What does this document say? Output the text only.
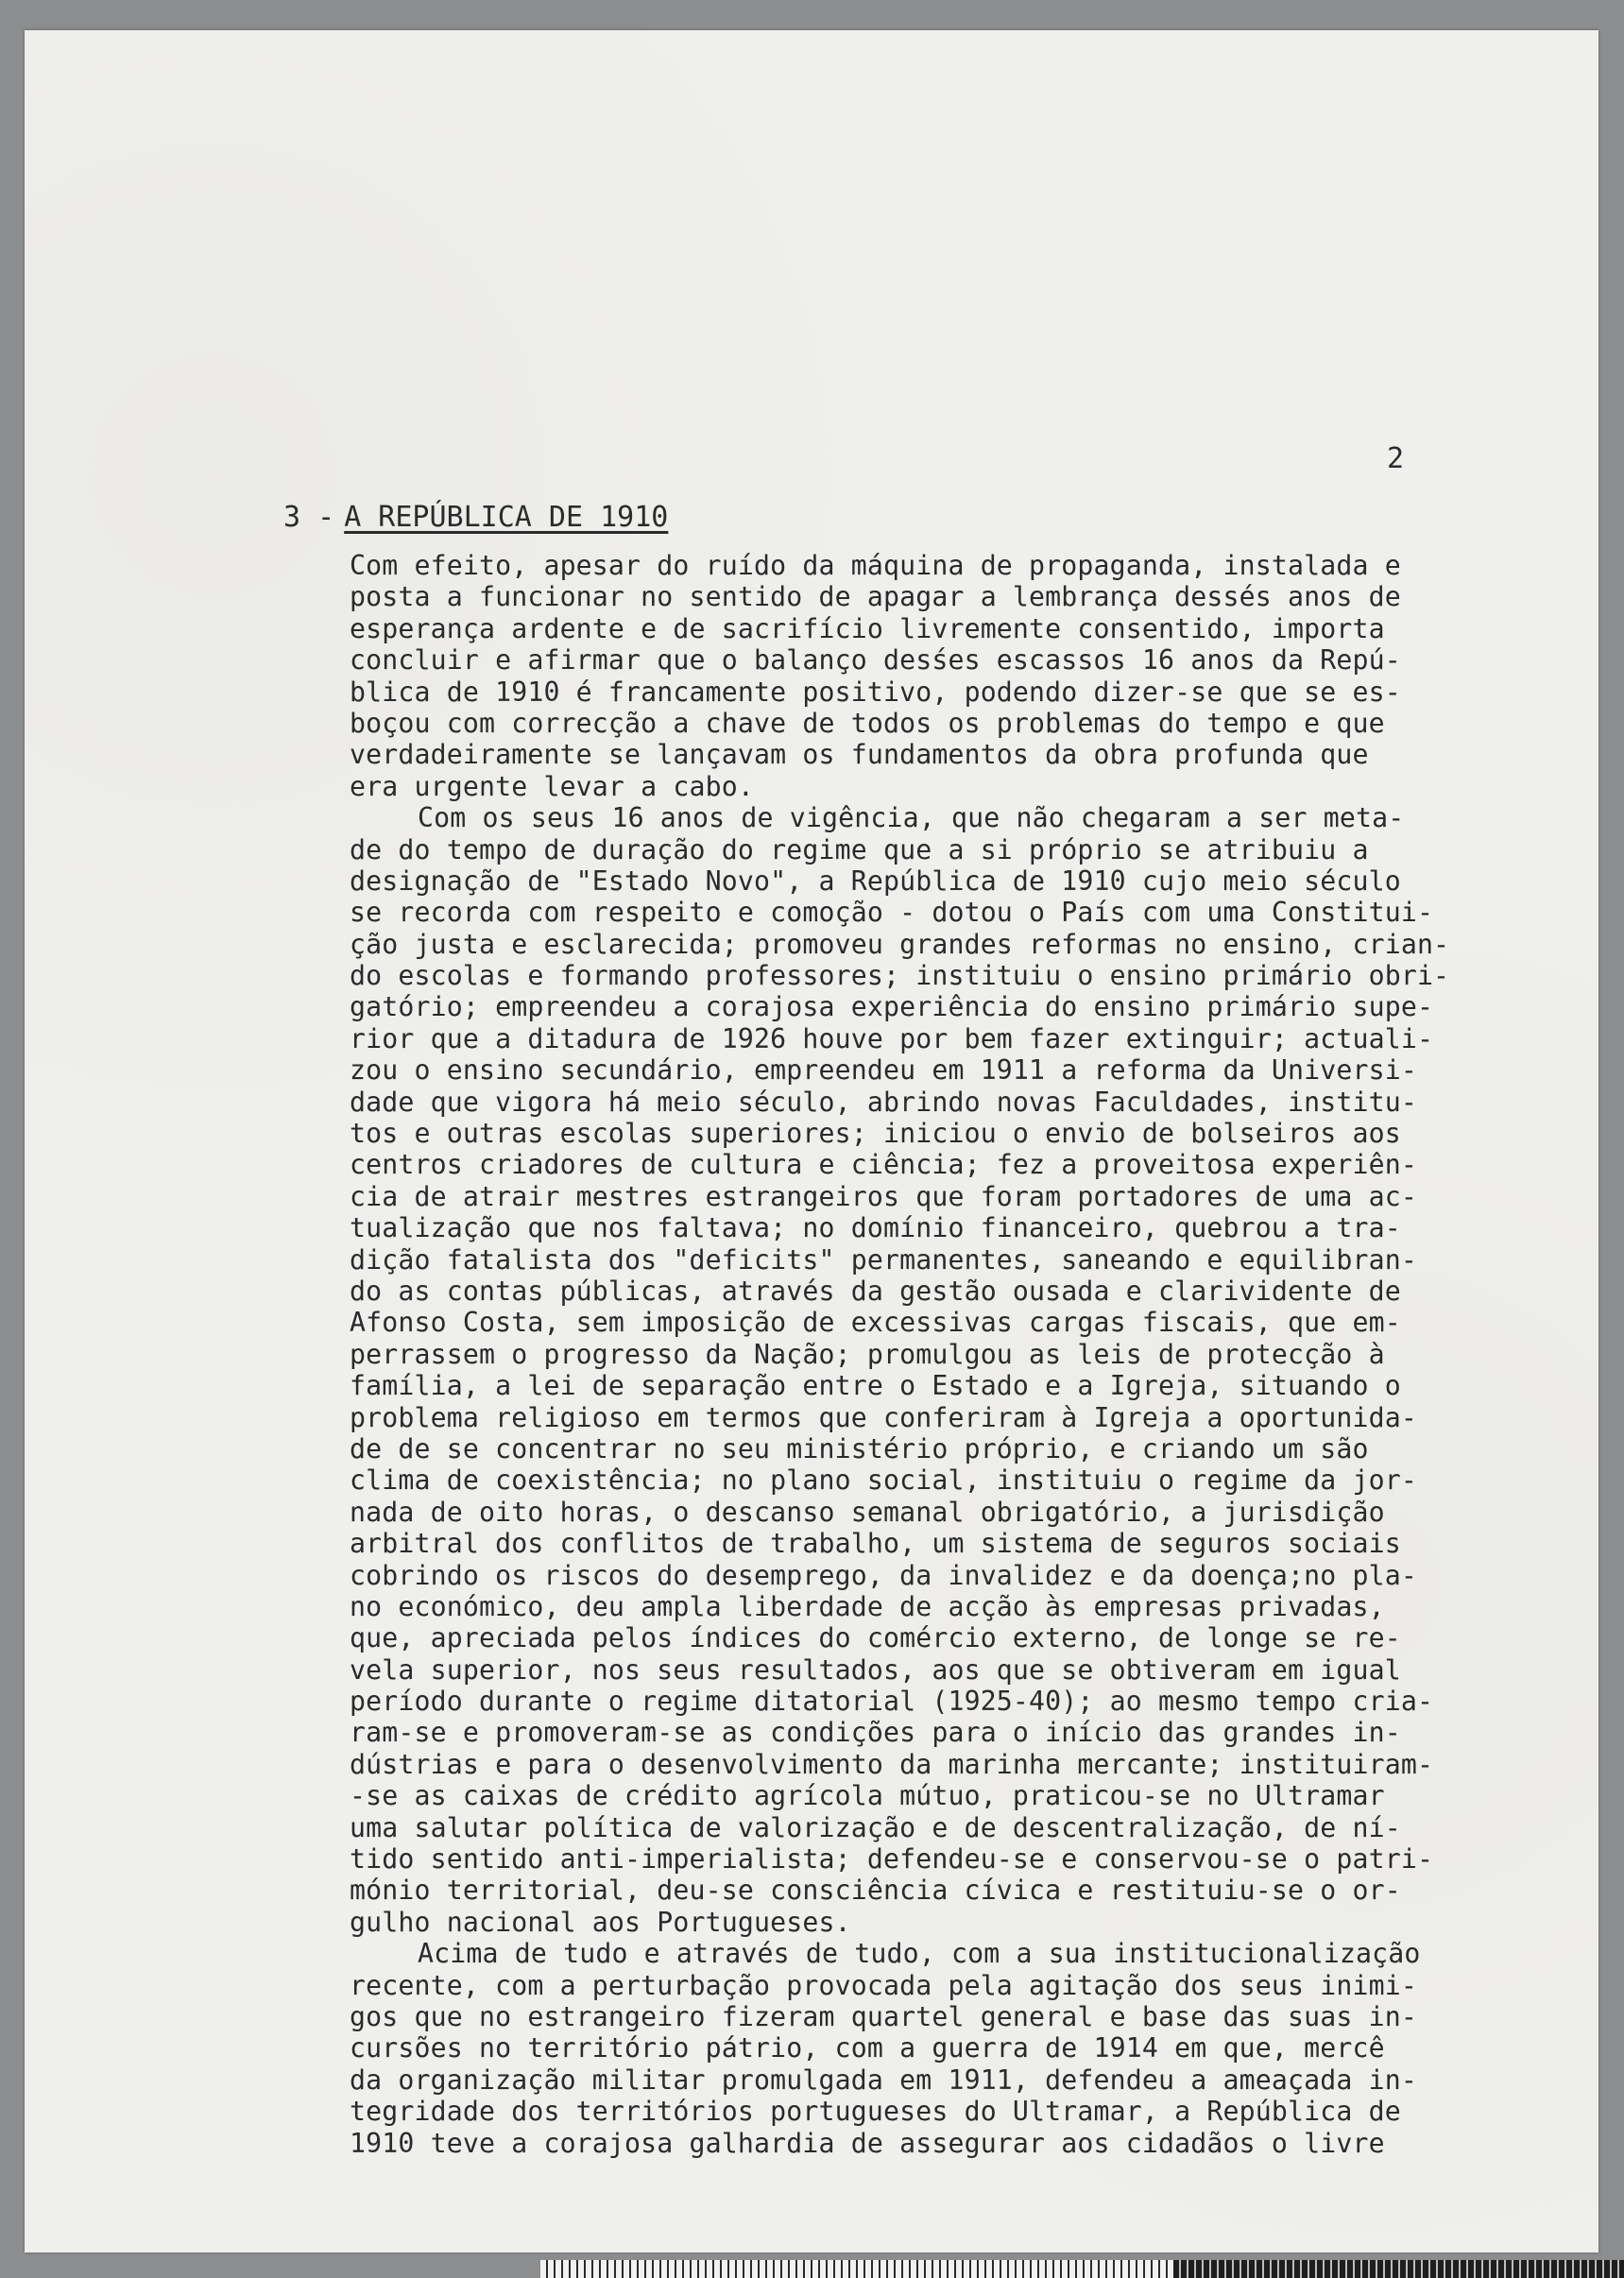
2
3 - A REPÚBLICA DE 1910
Com efeito, apesar do ruído da máquina de propaganda, instalada e
posta a funcionar no sentido de apagar a lembrança dessés anos de
esperança ardente e de sacrifício livremente consentido, importa
concluir e afirmar que o balanço desśes escassos 16 anos da Repú-
blica de 1910 é francamente positivo, podendo dizer-se que se es-
boçou com correcção a chave de todos os problemas do tempo e que
verdadeiramente se lançavam os fundamentos da obra profunda que
era urgente levar a cabo.
Com os seus 16 anos de vigência, que não chegaram a ser meta-
de do tempo de duração do regime que a si próprio se atribuiu a
designação de "Estado Novo", a República de 1910 cujo meio século
se recorda com respeito e comoção - dotou o País com uma Constitui-
ção justa e esclarecida; promoveu grandes reformas no ensino, crian-
do escolas e formando professores; instituiu o ensino primário obri-
gatório; empreendeu a corajosa experiência do ensino primário supe-
rior que a ditadura de 1926 houve por bem fazer extinguir; actuali-
zou o ensino secundário, empreendeu em 1911 a reforma da Universi-
dade que vigora há meio século, abrindo novas Faculdades, institu-
tos e outras escolas superiores; iniciou o envio de bolseiros aos
centros criadores de cultura e ciência; fez a proveitosa experiên-
cia de atrair mestres estrangeiros que foram portadores de uma ac-
tualização que nos faltava; no domínio financeiro, quebrou a tra-
dição fatalista dos "deficits" permanentes, saneando e equilibran-
do as contas públicas, através da gestão ousada e clarividente de
Afonso Costa, sem imposição de excessivas cargas fiscais, que em-
perrassem o progresso da Nação; promulgou as leis de protecção à
família, a lei de separação entre o Estado e a Igreja, situando o
problema religioso em termos que conferiram à Igreja a oportunida-
de de se concentrar no seu ministério próprio, e criando um são
clima de coexistência; no plano social, instituiu o regime da jor-
nada de oito horas, o descanso semanal obrigatório, a jurisdição
arbitral dos conflitos de trabalho, um sistema de seguros sociais
cobrindo os riscos do desemprego, da invalidez e da doença;no pla-
no económico, deu ampla liberdade de acção às empresas privadas,
que, apreciada pelos índices do comércio externo, de longe se re-
vela superior, nos seus resultados, aos que se obtiveram em igual
período durante o regime ditatorial (1925-40); ao mesmo tempo cria-
ram-se e promoveram-se as condições para o início das grandes in-
dústrias e para o desenvolvimento da marinha mercante; instituiram-
-se as caixas de crédito agrícola mútuo, praticou-se no Ultramar
uma salutar política de valorização e de descentralização, de ní-
tido sentido anti-imperialista; defendeu-se e conservou-se o patri-
mónio territorial, deu-se consciência cívica e restituiu-se o or-
gulho nacional aos Portugueses.
Acima de tudo e através de tudo, com a sua institucionalização
recente, com a perturbação provocada pela agitação dos seus inimi-
gos que no estrangeiro fizeram quartel general e base das suas in-
cursões no território pátrio, com a guerra de 1914 em que, mercê
da organização militar promulgada em 1911, defendeu a ameaçada in-
tegridade dos territórios portugueses do Ultramar, a República de
1910 teve a corajosa galhardia de assegurar aos cidadãos o livre
